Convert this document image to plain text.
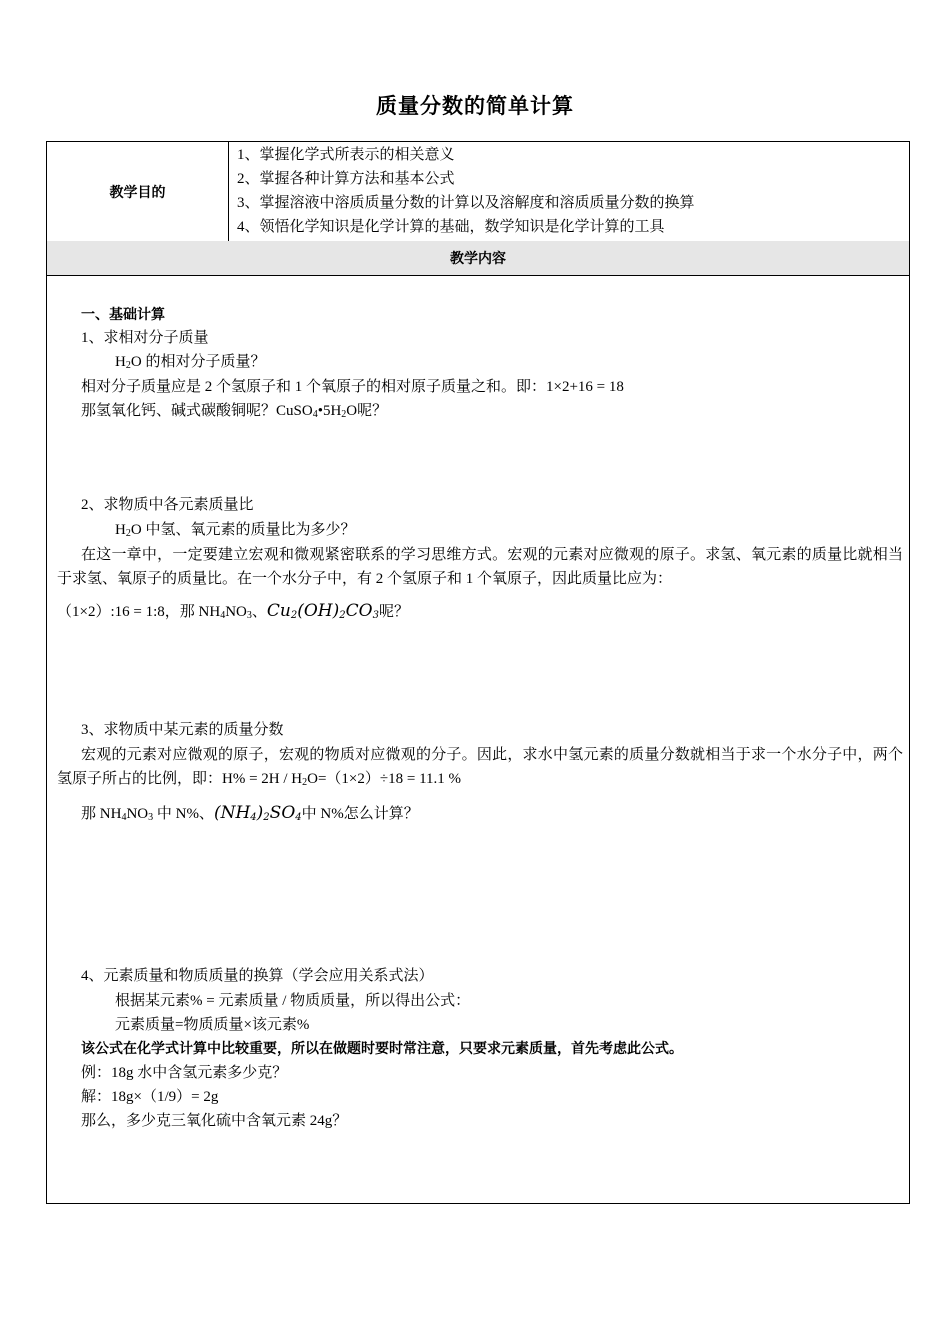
质量分数的简单计算
教学目的
1、掌握化学式所表示的相关意义
2、掌握各种计算方法和基本公式
3、掌握溶液中溶质质量分数的计算以及溶解度和溶质质量分数的换算
4、领悟化学知识是化学计算的基础，数学知识是化学计算的工具
教学内容
一、基础计算
1、求相对分子质量
$H_2O$ 的相对分子质量？
相对分子质量应是 2 个氢原子和 1 个氧原子的相对原子质量之和。即：1×2+16 = 18
那氢氧化钙、碱式碳酸铜呢？$CuSO_4•5H_2O$呢？
2、求物质中各元素质量比
$H_2O$ 中氢、氧元素的质量比为多少？
在这一章中，一定要建立宏观和微观紧密联系的学习思维方式。宏观的元素对应微观的原子。求氢、氧元素的质量比就相当于求氢、氧原子的质量比。在一个水分子中，有 2 个氢原子和 1 个氧原子，因此质量比应为：
（1×2）:16 = 1:8，那 $NH_4NO_3$、$Cu_2(OH)_2CO_3$呢？
3、求物质中某元素的质量分数
宏观的元素对应微观的原子，宏观的物质对应微观的分子。因此，求水中氢元素的质量分数就相当于求一个水分子中，两个氢原子所占的比例，即：$H\% = 2H / H_2O=(1\times 2)\div 18 = 11.1$ %
那 $NH_4NO_3$ 中 N%、$(NH_4)_2SO_4$中 N%怎么计算？
4、元素质量和物质质量的换算（学会应用关系式法）
根据某元素% = 元素质量 / 物质质量，所以得出公式：
元素质量=物质质量×该元素%
该公式在化学式计算中比较重要，所以在做题时要时常注意，只要求元素质量，首先考虑此公式。
例：18g 水中含氢元素多少克？
解：18g×（1/9）= 2g
那么，多少克三氧化硫中含氧元素 24g？
